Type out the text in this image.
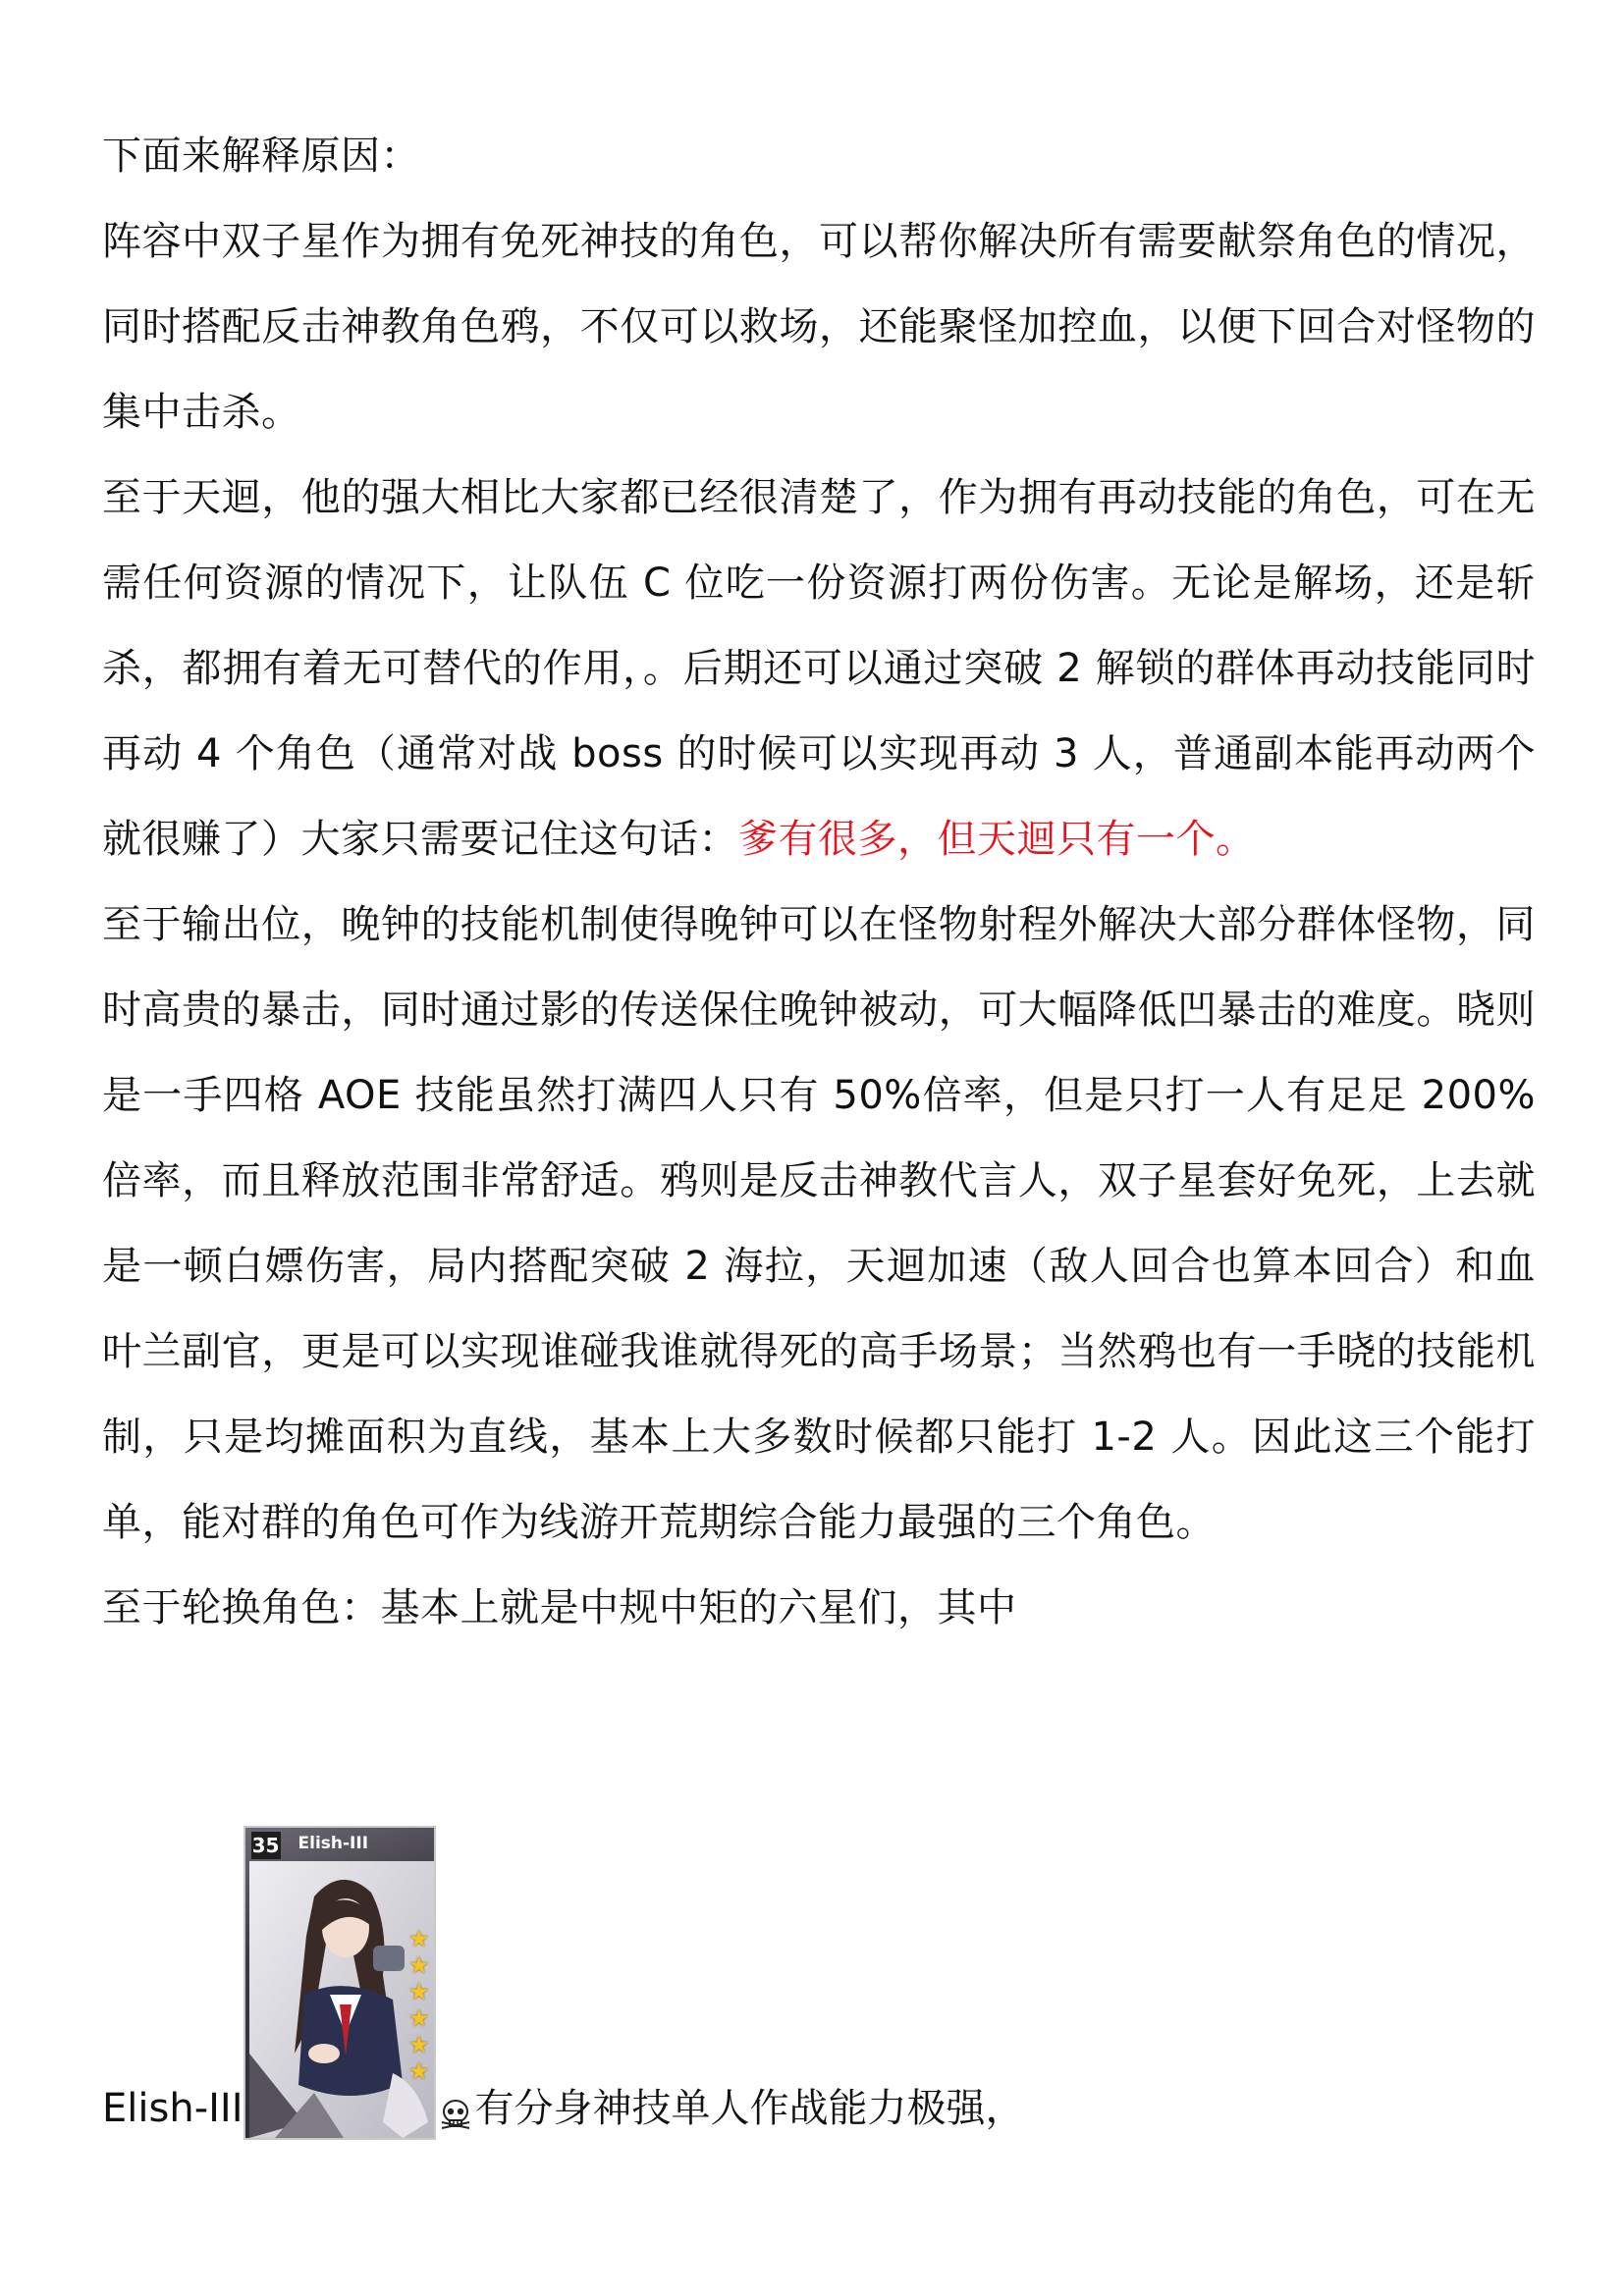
下面来解释原因：

阵容中双子星作为拥有免死神技的角色，可以帮你解决所有需要献祭角色的情况，同时搭配反击神教角色鸦，不仅可以救场，还能聚怪加控血，以便下回合对怪物的集中击杀。

至于天迴，他的强大相比大家都已经很清楚了，作为拥有再动技能的角色，可在无需任何资源的情况下，让队伍 C 位吃一份资源打两份伤害。无论是解场，还是斩杀，都拥有着无可替代的作用，。后期还可以通过突破 2 解锁的群体再动技能同时再动 4 个角色（通常对战 boss 的时候可以实现再动 3 人，普通副本能再动两个就很赚了）大家只需要记住这句话：爹有很多，但天迴只有一个。

至于输出位，晚钟的技能机制使得晚钟可以在怪物射程外解决大部分群体怪物，同时高贵的暴击，同时通过影的传送保住晚钟被动，可大幅降低凹暴击的难度。晓则是一手四格 AOE 技能虽然打满四人只有 50%倍率，但是只打一人有足足 200%倍率，而且释放范围非常舒适。鸦则是反击神教代言人，双子星套好免死，上去就是一顿白嫖伤害，局内搭配突破 2 海拉，天迴加速（敌人回合也算本回合）和血叶兰副官，更是可以实现谁碰我谁就得死的高手场景；当然鸦也有一手晓的技能机制，只是均摊面积为直线，基本上大多数时候都只能打 1-2 人。因此这三个能打单，能对群的角色可作为线游开荒期综合能力最强的三个角色。

至于轮换角色：基本上就是中规中矩的六星们，其中

Elish-III
35 Elish-III
★
★
★
★
★
★
有分身神技单人作战能力极强，
